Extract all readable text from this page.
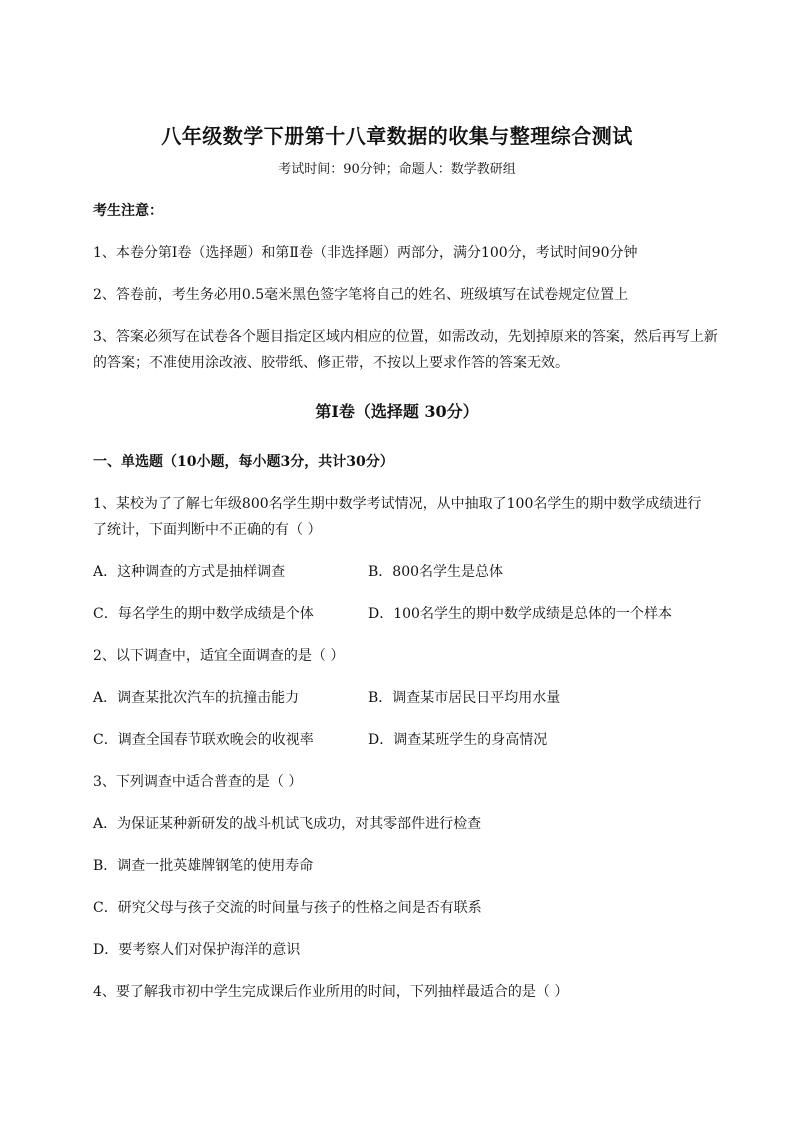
八年级数学下册第十八章数据的收集与整理综合测试
考试时间：90分钟；命题人：数学教研组
考生注意：
1、本卷分第I卷（选择题）和第Ⅱ卷（非选择题）两部分，满分100分，考试时间90分钟
2、答卷前，考生务必用0.5毫米黑色签字笔将自己的姓名、班级填写在试卷规定位置上
3、答案必须写在试卷各个题目指定区域内相应的位置，如需改动，先划掉原来的答案，然后再写上新
的答案；不准使用涂改液、胶带纸、修正带，不按以上要求作答的答案无效。
第I卷（选择题 30分）
一、单选题（10小题，每小题3分，共计30分）
1、某校为了了解七年级800名学生期中数学考试情况，从中抽取了100名学生的期中数学成绩进行
了统计，下面判断中不正确的有（ ）
A．这种调查的方式是抽样调查	B．800名学生是总体
C．每名学生的期中数学成绩是个体	D．100名学生的期中数学成绩是总体的一个样本
2、以下调查中，适宜全面调查的是（ ）
A．调查某批次汽车的抗撞击能力	B．调查某市居民日平均用水量
C．调查全国春节联欢晚会的收视率	D．调查某班学生的身高情况
3、下列调查中适合普查的是（ ）
A．为保证某种新研发的战斗机试飞成功，对其零部件进行检查
B．调查一批英雄牌钢笔的使用寿命
C．研究父母与孩子交流的时间量与孩子的性格之间是否有联系
D．要考察人们对保护海洋的意识
4、要了解我市初中学生完成课后作业所用的时间，下列抽样最适合的是（ ）
